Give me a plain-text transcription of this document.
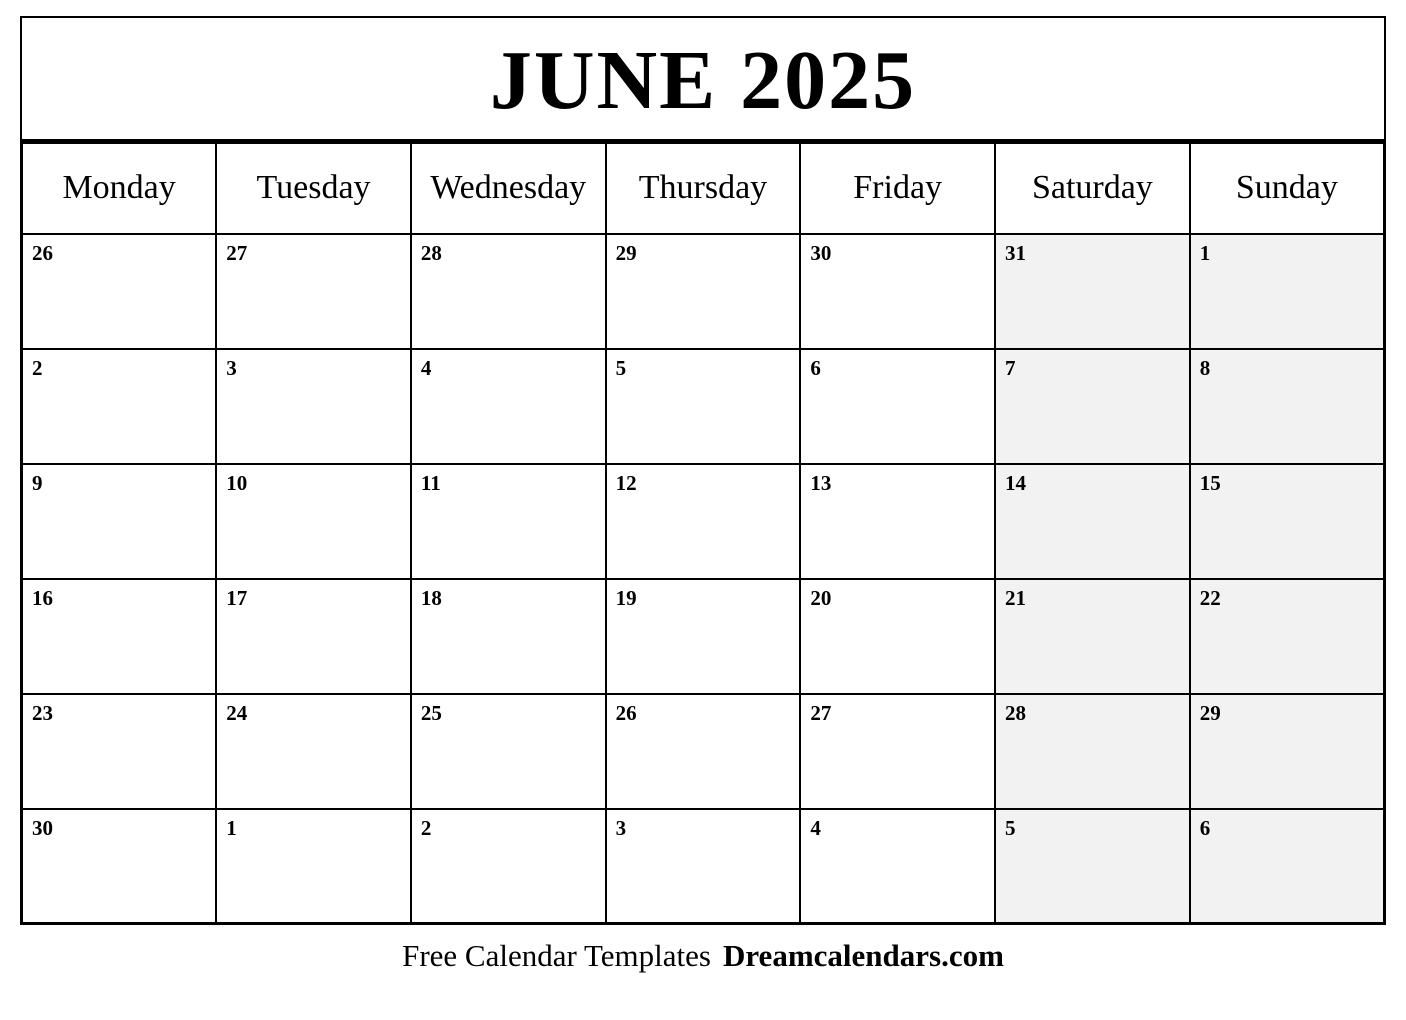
JUNE 2025
Monday	Tuesday	Wednesday	Thursday	Friday	Saturday	Sunday
26	27	28	29	30	31	1
2	3	4	5	6	7	8
9	10	11	12	13	14	15
16	17	18	19	20	21	22
23	24	25	26	27	28	29
30	1	2	3	4	5	6
Free Calendar Templates Dreamcalendars.com
